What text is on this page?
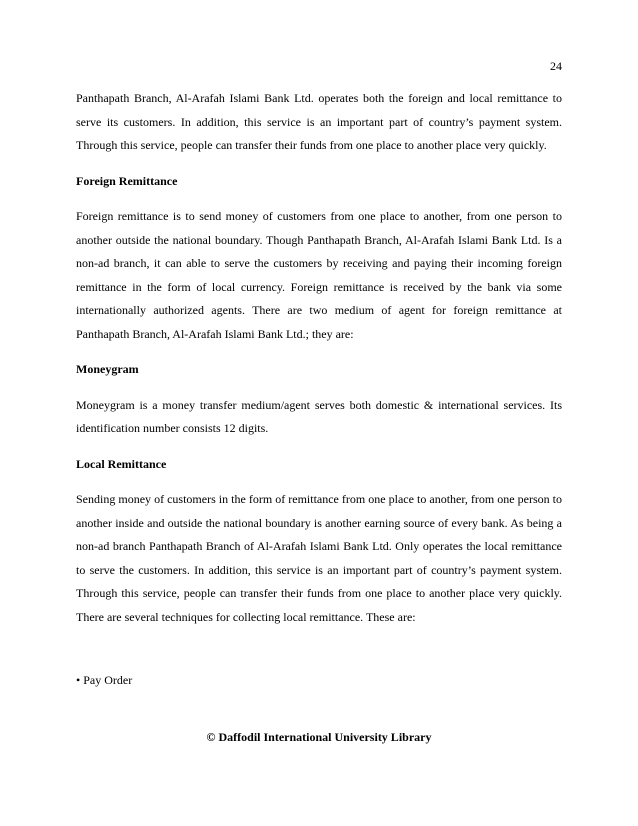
24

Panthapath Branch, Al-Arafah Islami Bank Ltd. operates both the foreign and local remittance to serve its customers. In addition, this service is an important part of country’s payment system. Through this service, people can transfer their funds from one place to another place very quickly.

Foreign Remittance

Foreign remittance is to send money of customers from one place to another, from one person to another outside the national boundary. Though Panthapath Branch, Al-Arafah Islami Bank Ltd. Is a non-ad branch, it can able to serve the customers by receiving and paying their incoming foreign remittance in the form of local currency. Foreign remittance is received by the bank via some internationally authorized agents. There are two medium of agent for foreign remittance at Panthapath Branch, Al-Arafah Islami Bank Ltd.; they are:

Moneygram

Moneygram is a money transfer medium/agent serves both domestic & international services. Its identification number consists 12 digits.

Local Remittance

Sending money of customers in the form of remittance from one place to another, from one person to another inside and outside the national boundary is another earning source of every bank. As being a non-ad branch Panthapath Branch of Al-Arafah Islami Bank Ltd. Only operates the local remittance to serve the customers. In addition, this service is an important part of country’s payment system. Through this service, people can transfer their funds from one place to another place very quickly. There are several techniques for collecting local remittance. These are:

• Pay Order

© Daffodil International University Library
